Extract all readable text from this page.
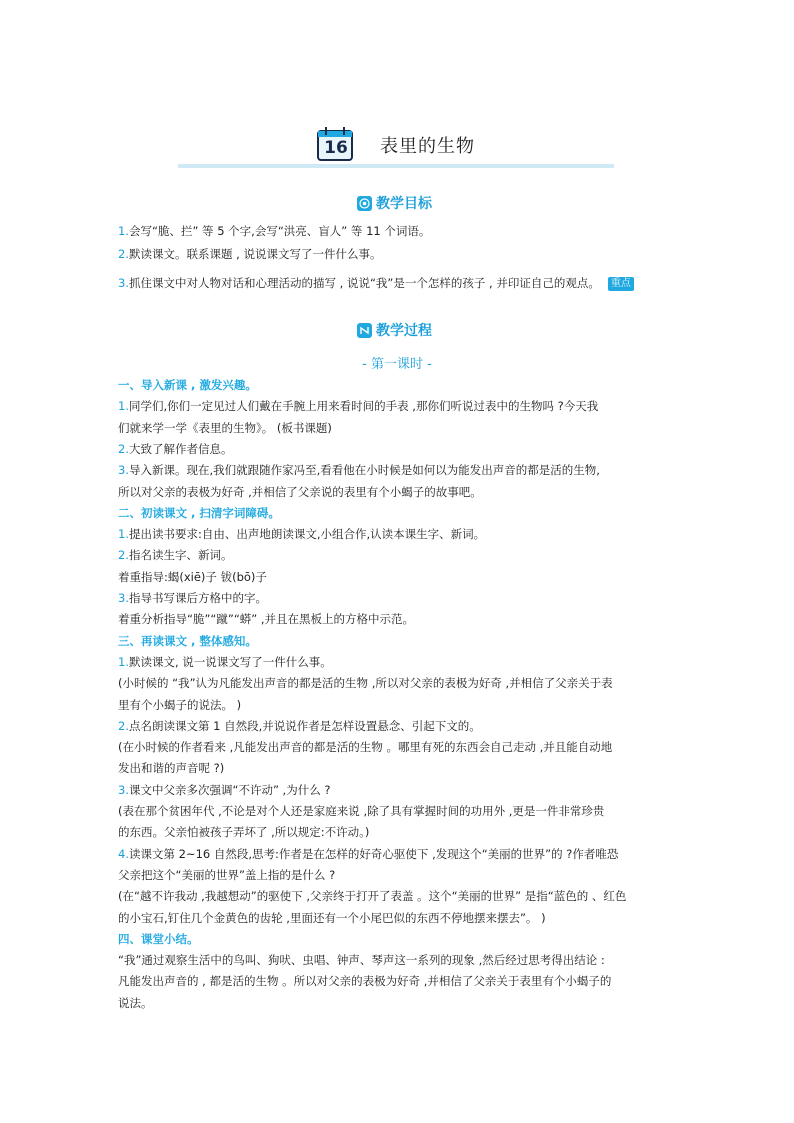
16	表里的生物
教学目标
1.会写“脆、拦” 等 5 个字,会写“洪亮、盲人” 等 11 个词语。
2.默读课文。联系课题 , 说说课文写了一件什么事。
3.抓住课文中对人物对话和心理活动的描写 , 说说“我”是一个怎样的孩子 , 并印证自己的观点。 重点
教学过程
- 第一课时 -
一、导入新课 , 激发兴趣。
1.同学们,你们一定见过人们戴在手腕上用来看时间的手表 ,那你们听说过表中的生物吗 ?今天我
们就来学一学《表里的生物》。 (板书课题)
2.大致了解作者信息。
3.导入新课。现在,我们就跟随作家冯至,看看他在小时候是如何以为能发出声音的都是活的生物,
所以对父亲的表极为好奇 ,并相信了父亲说的表里有个小蝎子的故事吧。
二、初读课文 , 扫清字词障碍。
1.提出读书要求:自由、出声地朗读课文,小组合作,认读本课生字、新词。
2.指名读生字、新词。
着重指导:蝎(xiē)子 钹(bō)子
3.指导书写课后方格中的字。
着重分析指导“脆”“蹴”“蟒” ,并且在黑板上的方格中示范。
三、再读课文 , 整体感知。
1.默读课文, 说一说课文写了一件什么事。
(小时候的 “我”认为凡能发出声音的都是活的生物 ,所以对父亲的表极为好奇 ,并相信了父亲关于表
里有个小蝎子的说法。 )
2.点名朗读课文第 1 自然段,并说说作者是怎样设置悬念、引起下文的。
(在小时候的作者看来 ,凡能发出声音的都是活的生物 。哪里有死的东西会自己走动 ,并且能自动地
发出和谐的声音呢 ?)
3.课文中父亲多次强调“不许动” ,为什么 ?
(表在那个贫困年代 ,不论是对个人还是家庭来说 ,除了具有掌握时间的功用外 ,更是一件非常珍贵
的东西。父亲怕被孩子弄坏了 ,所以规定:不许动。)
4.读课文第 2~16 自然段,思考:作者是在怎样的好奇心驱使下 ,发现这个“美丽的世界”的 ?作者唯恐
父亲把这个“美丽的世界”盖上指的是什么 ?
(在“越不许我动 ,我越想动”的驱使下 ,父亲终于打开了表盖 。这个“美丽的世界” 是指“蓝色的 、红色
的小宝石,钉住几个金黄色的齿轮 ,里面还有一个小尾巴似的东西不停地摆来摆去”。 )
四、课堂小结。
“我”通过观察生活中的鸟叫、狗吠、虫唱、钟声、琴声这一系列的现象 ,然后经过思考得出结论 :
凡能发出声音的 , 都是活的生物 。所以对父亲的表极为好奇 ,并相信了父亲关于表里有个小蝎子的
说法。
